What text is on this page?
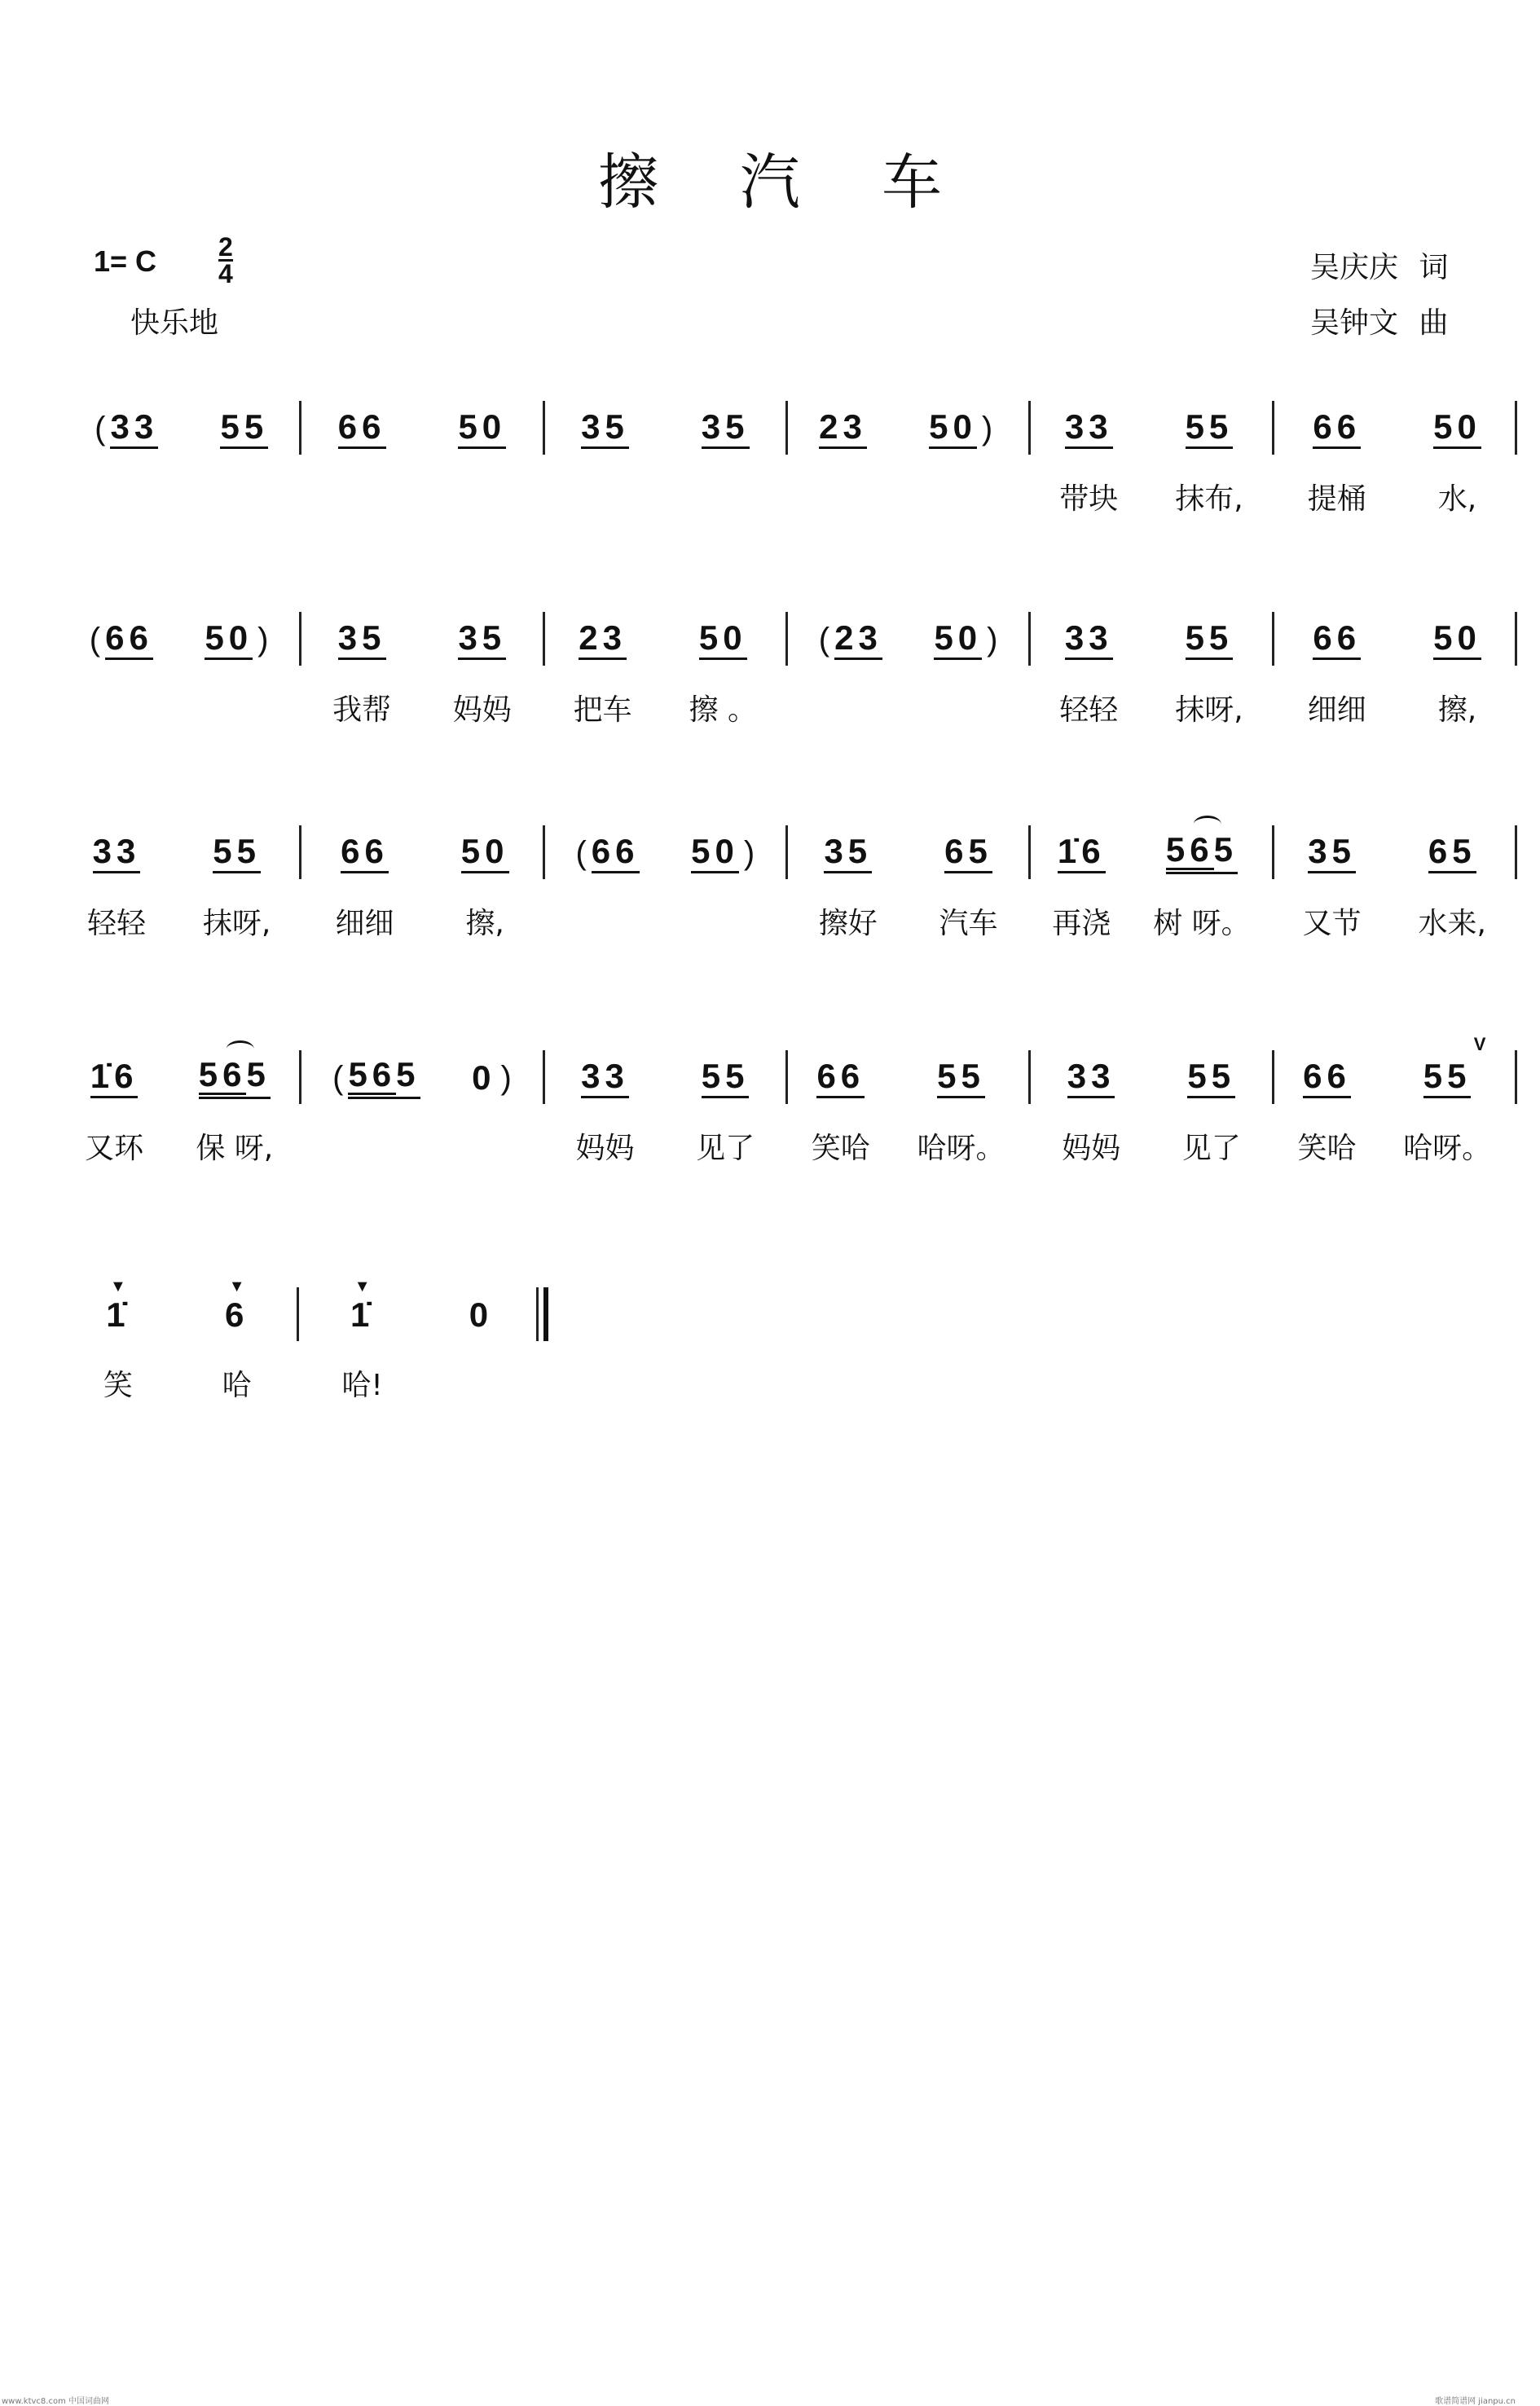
擦汽车
1= C 2
4
快乐地
吴庆庆 词
吴钟文 曲
( 33 55 66 50 35 35 23 50 ) 33
带块
55
抹布,
66
提桶
50
水,
( 66 50 ) 35
我帮
35
妈妈
23
把车
50
擦 。
( 23 50 ) 33
轻轻
55
抹呀,
66
细细
50
擦,
33
轻轻
55
抹呀,
66
细细
50
擦,
( 66 50 ) 35
擦好
65
汽车
1̇6
再浇
565
树 呀。
35
又节
65
水来,
1̇6
又环
565
保 呀,
( 565 0 ) 33
妈妈
55
见了
66
笑哈
55
哈呀。
33
妈妈
55
见了
66
笑哈
55
V
哈呀。
1̇
▼
笑
6
▼
哈
1̇
▼
哈!
0
www.ktvc8.com 中国词曲网	歌谱简谱网 jianpu.cn
